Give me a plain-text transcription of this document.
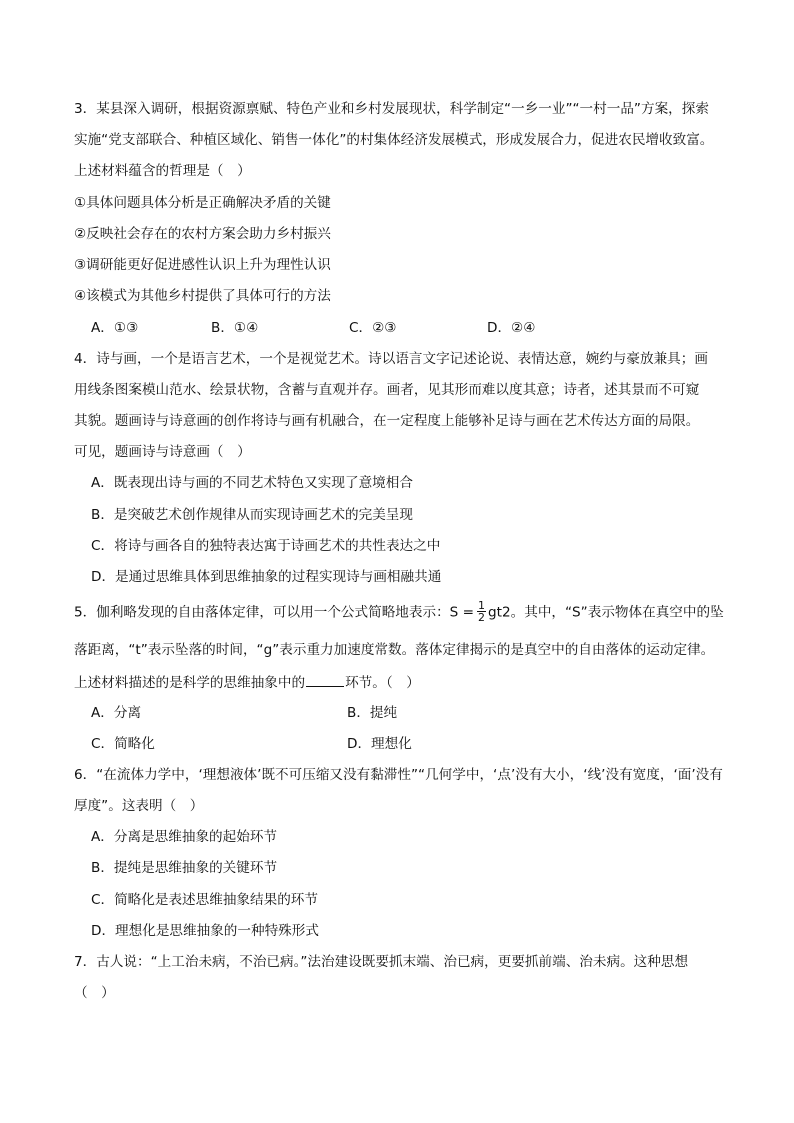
3．某县深入调研，根据资源禀赋、特色产业和乡村发展现状，科学制定“一乡一业”“一村一品”方案，探索
实施“党支部联合、种植区域化、销售一体化”的村集体经济发展模式，形成发展合力，促进农民增收致富。
上述材料蕴含的哲理是（　）
①具体问题具体分析是正确解决矛盾的关键
②反映社会存在的农村方案会助力乡村振兴
③调研能更好促进感性认识上升为理性认识
④该模式为其他乡村提供了具体可行的方法
A．①③	B．①④	C．②③	D．②④
4．诗与画，一个是语言艺术，一个是视觉艺术。诗以语言文字记述论说、表情达意，婉约与豪放兼具；画
用线条图案模山范水、绘景状物，含蓄与直观并存。画者，见其形而难以度其意；诗者，述其景而不可窥
其貌。题画诗与诗意画的创作将诗与画有机融合，在一定程度上能够补足诗与画在艺术传达方面的局限。
可见，题画诗与诗意画（　）
A．既表现出诗与画的不同艺术特色又实现了意境相合
B．是突破艺术创作规律从而实现诗画艺术的完美呈现
C．将诗与画各自的独特表达寓于诗画艺术的共性表达之中
D．是通过思维具体到思维抽象的过程实现诗与画相融共通
5．伽利略发现的自由落体定律，可以用一个公式简略地表示：$S = \frac{1}{2} gt2$。其中，“S”表示物体在真空中的坠
落距离，“t”表示坠落的时间，“g”表示重力加速度常数。落体定律揭示的是真空中的自由落体的运动定律。
上述材料描述的是科学的思维抽象中的	环节。（　）
A．分离	B．提纯
C．简略化	D．理想化
6．“在流体力学中，‘理想液体’既不可压缩又没有黏滞性”“几何学中，‘点’没有大小，‘线’没有宽度，‘面’没有
厚度”。这表明（　）
A．分离是思维抽象的起始环节
B．提纯是思维抽象的关键环节
C．简略化是表述思维抽象结果的环节
D．理想化是思维抽象的一种特殊形式
7．古人说：“上工治未病，不治已病。”法治建设既要抓末端、治已病，更要抓前端、治未病。这种思想
（　）
